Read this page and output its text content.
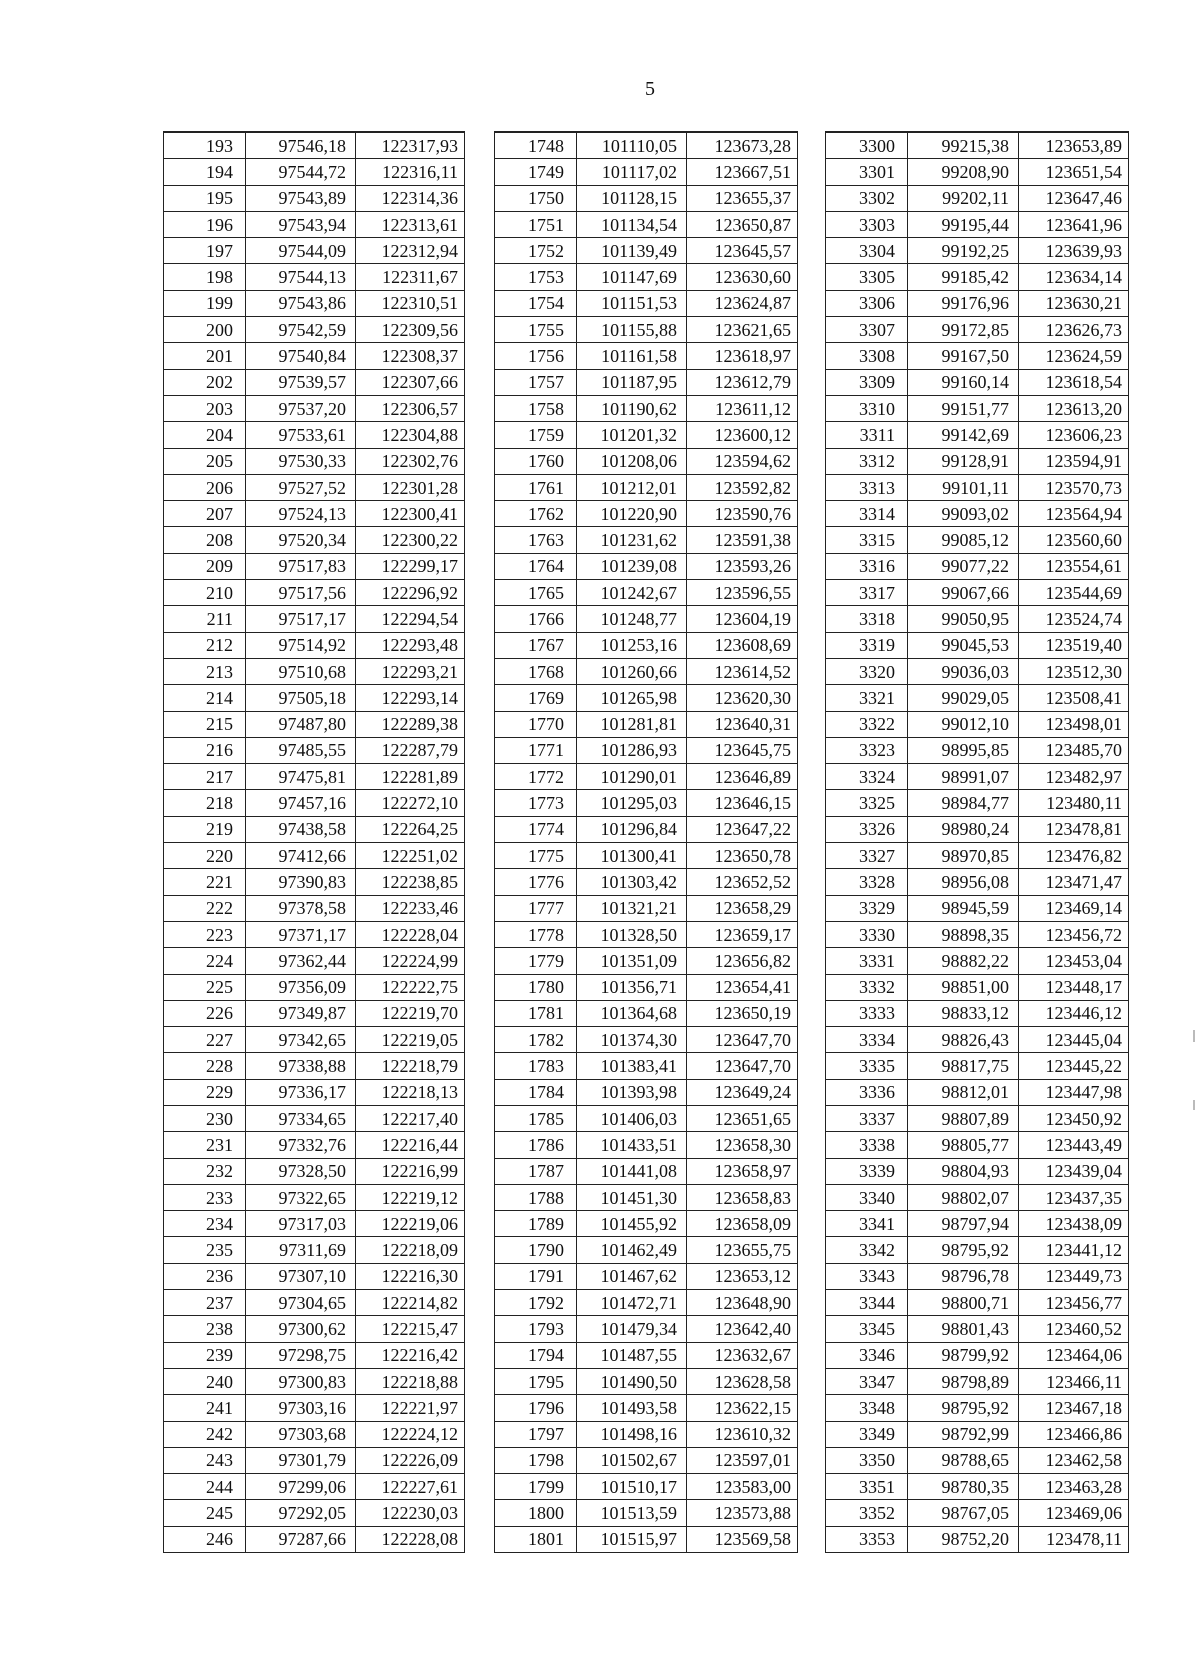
5
193	97546,18	122317,93
194	97544,72	122316,11
195	97543,89	122314,36
196	97543,94	122313,61
197	97544,09	122312,94
198	97544,13	122311,67
199	97543,86	122310,51
200	97542,59	122309,56
201	97540,84	122308,37
202	97539,57	122307,66
203	97537,20	122306,57
204	97533,61	122304,88
205	97530,33	122302,76
206	97527,52	122301,28
207	97524,13	122300,41
208	97520,34	122300,22
209	97517,83	122299,17
210	97517,56	122296,92
211	97517,17	122294,54
212	97514,92	122293,48
213	97510,68	122293,21
214	97505,18	122293,14
215	97487,80	122289,38
216	97485,55	122287,79
217	97475,81	122281,89
218	97457,16	122272,10
219	97438,58	122264,25
220	97412,66	122251,02
221	97390,83	122238,85
222	97378,58	122233,46
223	97371,17	122228,04
224	97362,44	122224,99
225	97356,09	122222,75
226	97349,87	122219,70
227	97342,65	122219,05
228	97338,88	122218,79
229	97336,17	122218,13
230	97334,65	122217,40
231	97332,76	122216,44
232	97328,50	122216,99
233	97322,65	122219,12
234	97317,03	122219,06
235	97311,69	122218,09
236	97307,10	122216,30
237	97304,65	122214,82
238	97300,62	122215,47
239	97298,75	122216,42
240	97300,83	122218,88
241	97303,16	122221,97
242	97303,68	122224,12
243	97301,79	122226,09
244	97299,06	122227,61
245	97292,05	122230,03
246	97287,66	122228,08
1748	101110,05	123673,28
1749	101117,02	123667,51
1750	101128,15	123655,37
1751	101134,54	123650,87
1752	101139,49	123645,57
1753	101147,69	123630,60
1754	101151,53	123624,87
1755	101155,88	123621,65
1756	101161,58	123618,97
1757	101187,95	123612,79
1758	101190,62	123611,12
1759	101201,32	123600,12
1760	101208,06	123594,62
1761	101212,01	123592,82
1762	101220,90	123590,76
1763	101231,62	123591,38
1764	101239,08	123593,26
1765	101242,67	123596,55
1766	101248,77	123604,19
1767	101253,16	123608,69
1768	101260,66	123614,52
1769	101265,98	123620,30
1770	101281,81	123640,31
1771	101286,93	123645,75
1772	101290,01	123646,89
1773	101295,03	123646,15
1774	101296,84	123647,22
1775	101300,41	123650,78
1776	101303,42	123652,52
1777	101321,21	123658,29
1778	101328,50	123659,17
1779	101351,09	123656,82
1780	101356,71	123654,41
1781	101364,68	123650,19
1782	101374,30	123647,70
1783	101383,41	123647,70
1784	101393,98	123649,24
1785	101406,03	123651,65
1786	101433,51	123658,30
1787	101441,08	123658,97
1788	101451,30	123658,83
1789	101455,92	123658,09
1790	101462,49	123655,75
1791	101467,62	123653,12
1792	101472,71	123648,90
1793	101479,34	123642,40
1794	101487,55	123632,67
1795	101490,50	123628,58
1796	101493,58	123622,15
1797	101498,16	123610,32
1798	101502,67	123597,01
1799	101510,17	123583,00
1800	101513,59	123573,88
1801	101515,97	123569,58
3300	99215,38	123653,89
3301	99208,90	123651,54
3302	99202,11	123647,46
3303	99195,44	123641,96
3304	99192,25	123639,93
3305	99185,42	123634,14
3306	99176,96	123630,21
3307	99172,85	123626,73
3308	99167,50	123624,59
3309	99160,14	123618,54
3310	99151,77	123613,20
3311	99142,69	123606,23
3312	99128,91	123594,91
3313	99101,11	123570,73
3314	99093,02	123564,94
3315	99085,12	123560,60
3316	99077,22	123554,61
3317	99067,66	123544,69
3318	99050,95	123524,74
3319	99045,53	123519,40
3320	99036,03	123512,30
3321	99029,05	123508,41
3322	99012,10	123498,01
3323	98995,85	123485,70
3324	98991,07	123482,97
3325	98984,77	123480,11
3326	98980,24	123478,81
3327	98970,85	123476,82
3328	98956,08	123471,47
3329	98945,59	123469,14
3330	98898,35	123456,72
3331	98882,22	123453,04
3332	98851,00	123448,17
3333	98833,12	123446,12
3334	98826,43	123445,04
3335	98817,75	123445,22
3336	98812,01	123447,98
3337	98807,89	123450,92
3338	98805,77	123443,49
3339	98804,93	123439,04
3340	98802,07	123437,35
3341	98797,94	123438,09
3342	98795,92	123441,12
3343	98796,78	123449,73
3344	98800,71	123456,77
3345	98801,43	123460,52
3346	98799,92	123464,06
3347	98798,89	123466,11
3348	98795,92	123467,18
3349	98792,99	123466,86
3350	98788,65	123462,58
3351	98780,35	123463,28
3352	98767,05	123469,06
3353	98752,20	123478,11
